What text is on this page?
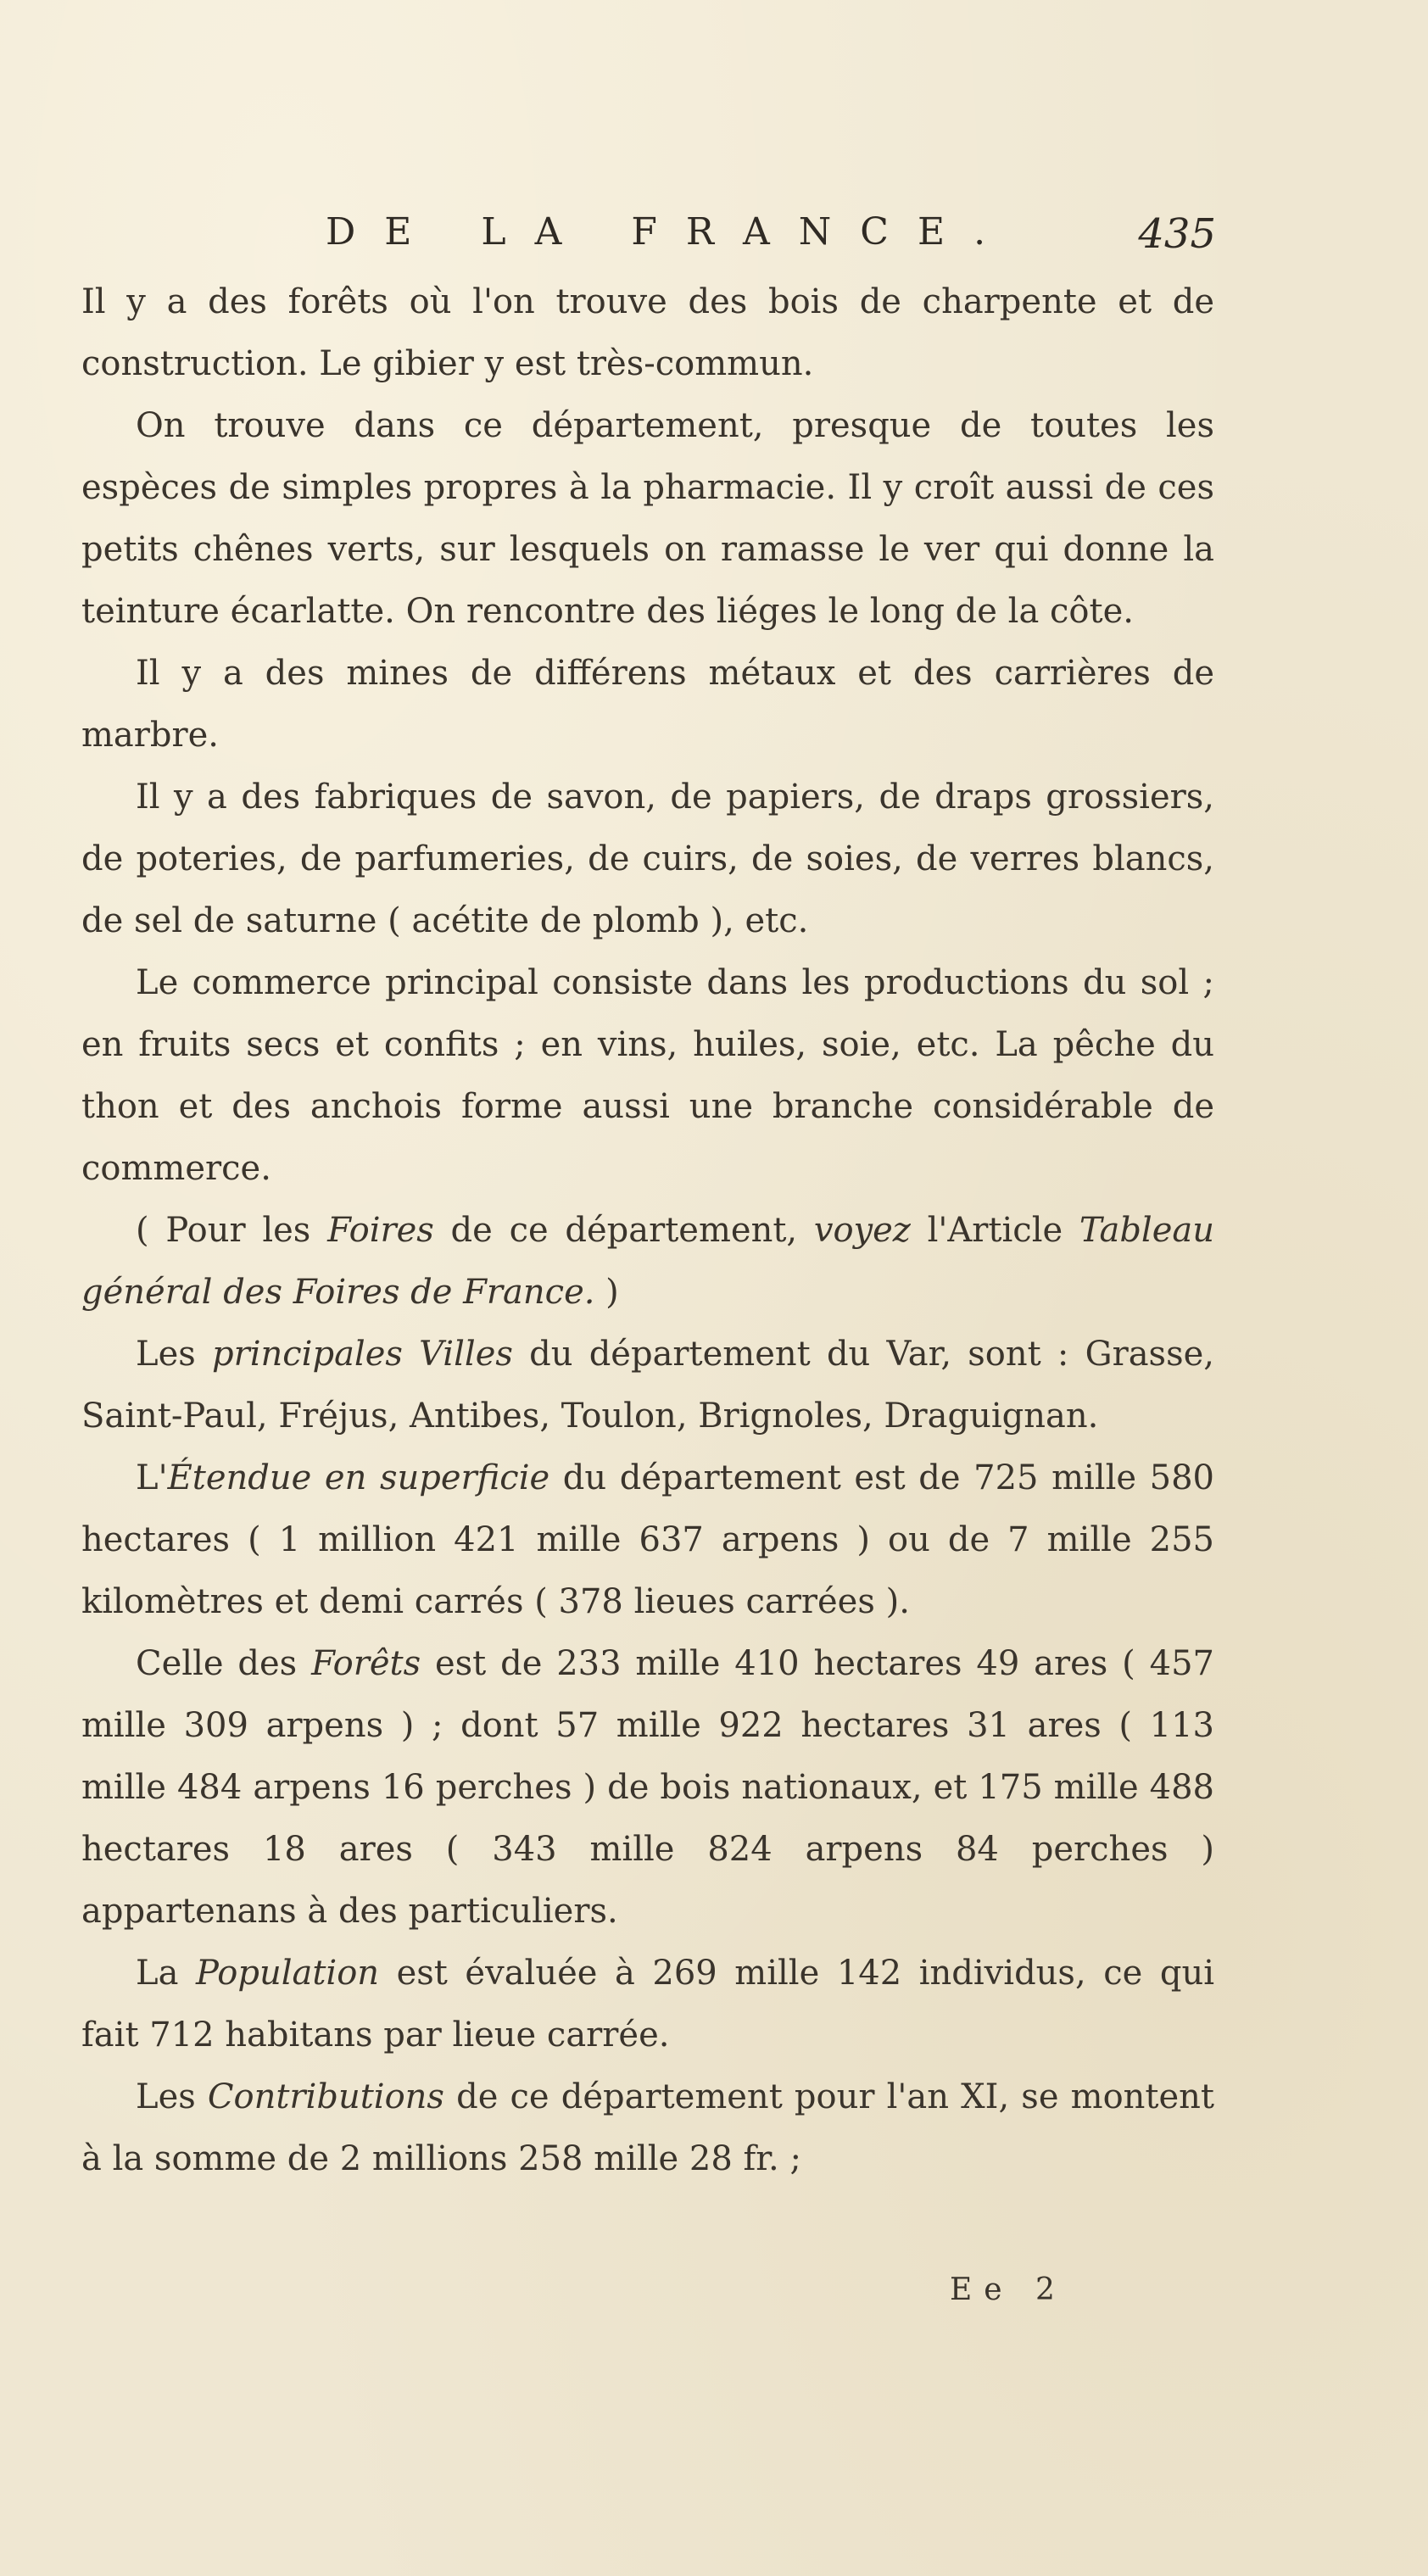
DE LA FRANCE.	435

Il y a des forêts où l'on trouve des bois de charpente et de construction. Le gibier y est très-commun.

On trouve dans ce département, presque de toutes les espèces de simples propres à la pharmacie. Il y croît aussi de ces petits chênes verts, sur lesquels on ramasse le ver qui donne la teinture écarlatte. On rencontre des liéges le long de la côte.

Il y a des mines de différens métaux et des carrières de marbre.

Il y a des fabriques de savon, de papiers, de draps grossiers, de poteries, de parfumeries, de cuirs, de soies, de verres blancs, de sel de saturne ( acétite de plomb ), etc.

Le commerce principal consiste dans les productions du sol ; en fruits secs et confits ; en vins, huiles, soie, etc. La pêche du thon et des anchois forme aussi une branche considérable de commerce.

( Pour les Foires de ce département, voyez l'Article Tableau général des Foires de France. )

Les principales Villes du département du Var, sont : Grasse, Saint-Paul, Fréjus, Antibes, Toulon, Brignoles, Draguignan.

L'Étendue en superficie du département est de 725 mille 580 hectares ( 1 million 421 mille 637 arpens ) ou de 7 mille 255 kilomètres et demi carrés ( 378 lieues carrées ).

Celle des Forêts est de 233 mille 410 hectares 49 ares ( 457 mille 309 arpens ) ; dont 57 mille 922 hectares 31 ares ( 113 mille 484 arpens 16 perches ) de bois nationaux, et 175 mille 488 hectares 18 ares ( 343 mille 824 arpens 84 perches ) appartenans à des particuliers.

La Population est évaluée à 269 mille 142 individus, ce qui fait 712 habitans par lieue carrée.

Les Contributions de ce département pour l'an XI, se montent à la somme de 2 millions 258 mille 28 fr. ;

Ee 2
